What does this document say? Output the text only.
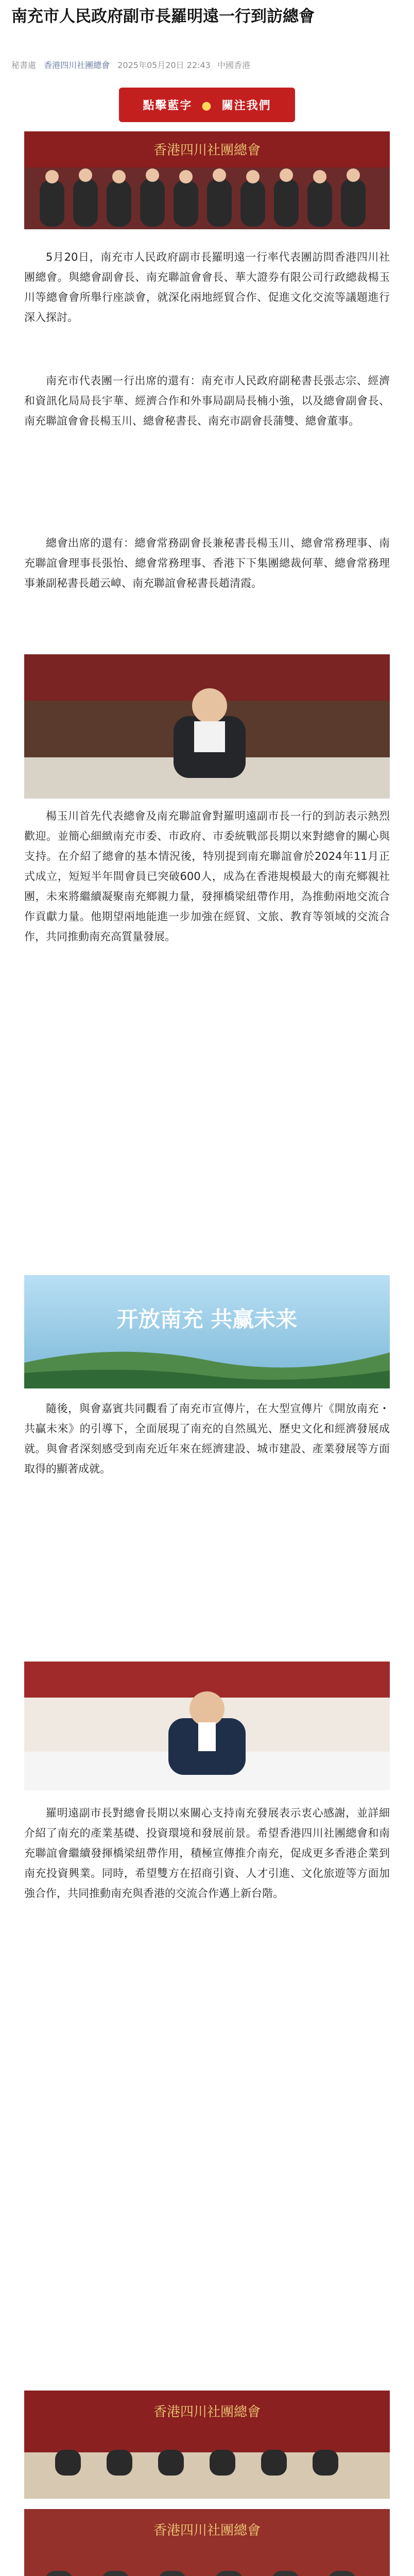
南充市人民政府副市長羅明遠一行到訪總會
秘書處 香港四川社團總會 2025年05月20日 22:43 中國香港
點擊藍字 ● 關注我們
香港四川社團總會

5月20日，南充市人民政府副市長羅明遠一行率代表團訪問香港四川社團總會。與總會副會長、南充聯誼會會長、華大證券有限公司行政總裁楊玉川等總會會所舉行座談會，就深化兩地經貿合作、促進文化交流等議題進行深入探討。

南充市代表團一行出席的還有：南充市人民政府副秘書長張志宗、經濟和資訊化局局長宇華、經濟合作和外事局副局長楠小強，以及總會副會長、南充聯誼會會長楊玉川、總會秘書長、南充市副會長蒲雙、總會董事。

總會出席的還有：總會常務副會長兼秘書長楊玉川、總會常務理事、南充聯誼會理事長張怡、總會常務理事、香港下下集團總裁何華、總會常務理事兼副秘書長趙云嶂、南充聯誼會秘書長趙清霞。

楊玉川首先代表總會及南充聯誼會對羅明遠副市長一行的到訪表示熱烈歡迎。並簡心細緻南充市委、市政府、市委統戰部長期以來對總會的關心與支持。在介紹了總會的基本情況後，特別提到南充聯誼會於2024年11月正式成立，短短半年間會員已突破600人，成為在香港規模最大的南充鄉親社團，未來將繼續凝聚南充鄉親力量，發揮橋梁紐帶作用，為推動兩地交流合作貢獻力量。他期望兩地能進一步加強在經貿、文旅、教育等領域的交流合作，共同推動南充高質量發展。

开放南充 共赢未来

隨後，與會嘉賓共同觀看了南充市宣傳片，在大型宣傳片《開放南充・共贏未來》的引導下，全面展現了南充的自然風光、歷史文化和經濟發展成就。與會者深刻感受到南充近年來在經濟建設、城市建設、產業發展等方面取得的顯著成就。

羅明遠副市長對總會長期以來關心支持南充發展表示衷心感謝，並詳細介紹了南充的產業基礎、投資環境和發展前景。希望香港四川社團總會和南充聯誼會繼續發揮橋梁紐帶作用，積極宣傳推介南充，促成更多香港企業到南充投資興業。同時，希望雙方在招商引資、人才引進、文化旅遊等方面加強合作，共同推動南充與香港的交流合作邁上新台階。

香港四川社團總會
香港四川社團總會
